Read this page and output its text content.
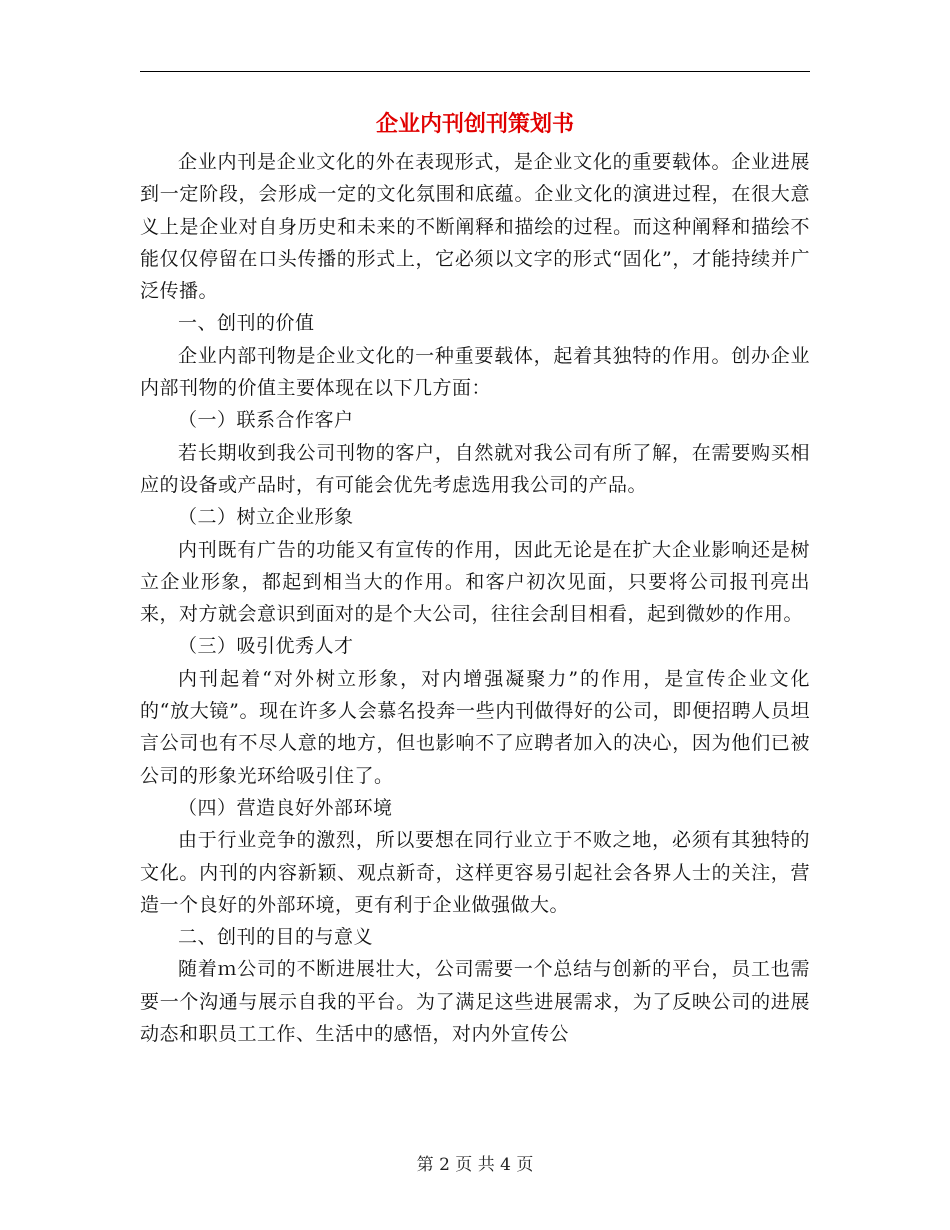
企业内刊创刊策划书

企业内刊是企业文化的外在表现形式，是企业文化的重要载体。企业进展到一定阶段，会形成一定的文化氛围和底蕴。企业文化的演进过程，在很大意义上是企业对自身历史和未来的不断阐释和描绘的过程。而这种阐释和描绘不能仅仅停留在口头传播的形式上，它必须以文字的形式“固化”，才能持续并广泛传播。

一、创刊的价值

企业内部刊物是企业文化的一种重要载体，起着其独特的作用。创办企业内部刊物的价值主要体现在以下几方面：

（一）联系合作客户

若长期收到我公司刊物的客户，自然就对我公司有所了解，在需要购买相应的设备或产品时，有可能会优先考虑选用我公司的产品。

（二）树立企业形象

内刊既有广告的功能又有宣传的作用，因此无论是在扩大企业影响还是树立企业形象，都起到相当大的作用。和客户初次见面，只要将公司报刊亮出来，对方就会意识到面对的是个大公司，往往会刮目相看，起到微妙的作用。

（三）吸引优秀人才

内刊起着“对外树立形象，对内增强凝聚力”的作用，是宣传企业文化的“放大镜”。现在许多人会慕名投奔一些内刊做得好的公司，即便招聘人员坦言公司也有不尽人意的地方，但也影响不了应聘者加入的决心，因为他们已被公司的形象光环给吸引住了。

（四）营造良好外部环境

由于行业竞争的激烈，所以要想在同行业立于不败之地，必须有其独特的文化。内刊的内容新颖、观点新奇，这样更容易引起社会各界人士的关注，营造一个良好的外部环境，更有利于企业做强做大。

二、创刊的目的与意义

随着ｍ公司的不断进展壮大，公司需要一个总结与创新的平台，员工也需要一个沟通与展示自我的平台。为了满足这些进展需求，为了反映公司的进展动态和职员工工作、生活中的感悟，对内外宣传公

第 2 页 共 4 页
